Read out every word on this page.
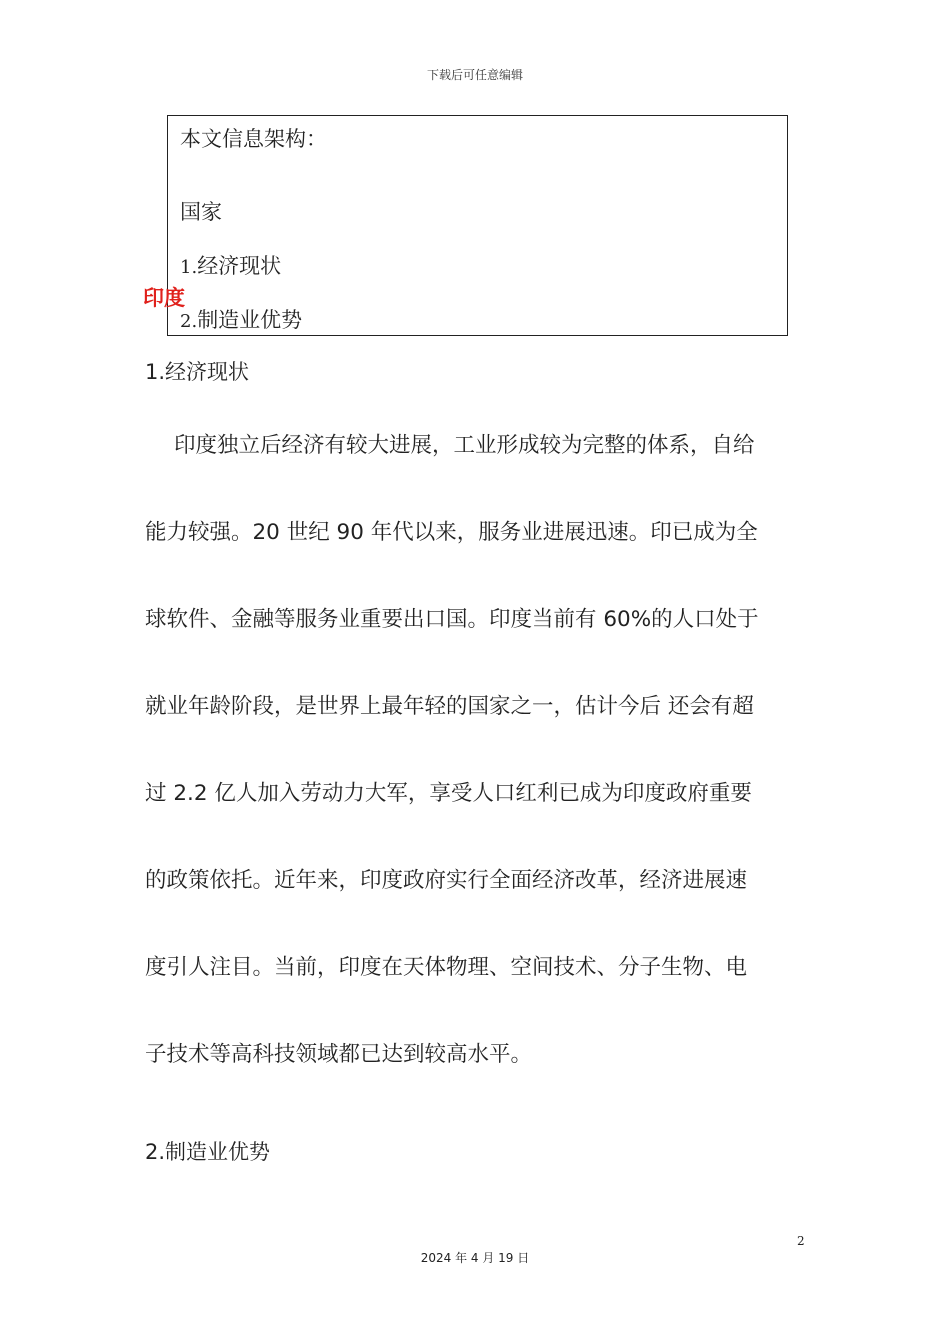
下载后可任意编辑
本文信息架构：
国家
1.经济现状
2.制造业优势
印度
1.经济现状
印度独立后经济有较大进展，工业形成较为完整的体系，自给
能力较强。20 世纪 90 年代以来，服务业进展迅速。印已成为全
球软件、金融等服务业重要出口国。印度当前有 60%的人口处于
就业年龄阶段，是世界上最年轻的国家之一，估计今后 还会有超
过 2.2 亿人加入劳动力大军，享受人口红利已成为印度政府重要
的政策依托。近年来，印度政府实行全面经济改革，经济进展速
度引人注目。当前，印度在天体物理、空间技术、分子生物、电
子技术等高科技领域都已达到较高水平。
2.制造业优势
2
2024 年 4 月 19 日
